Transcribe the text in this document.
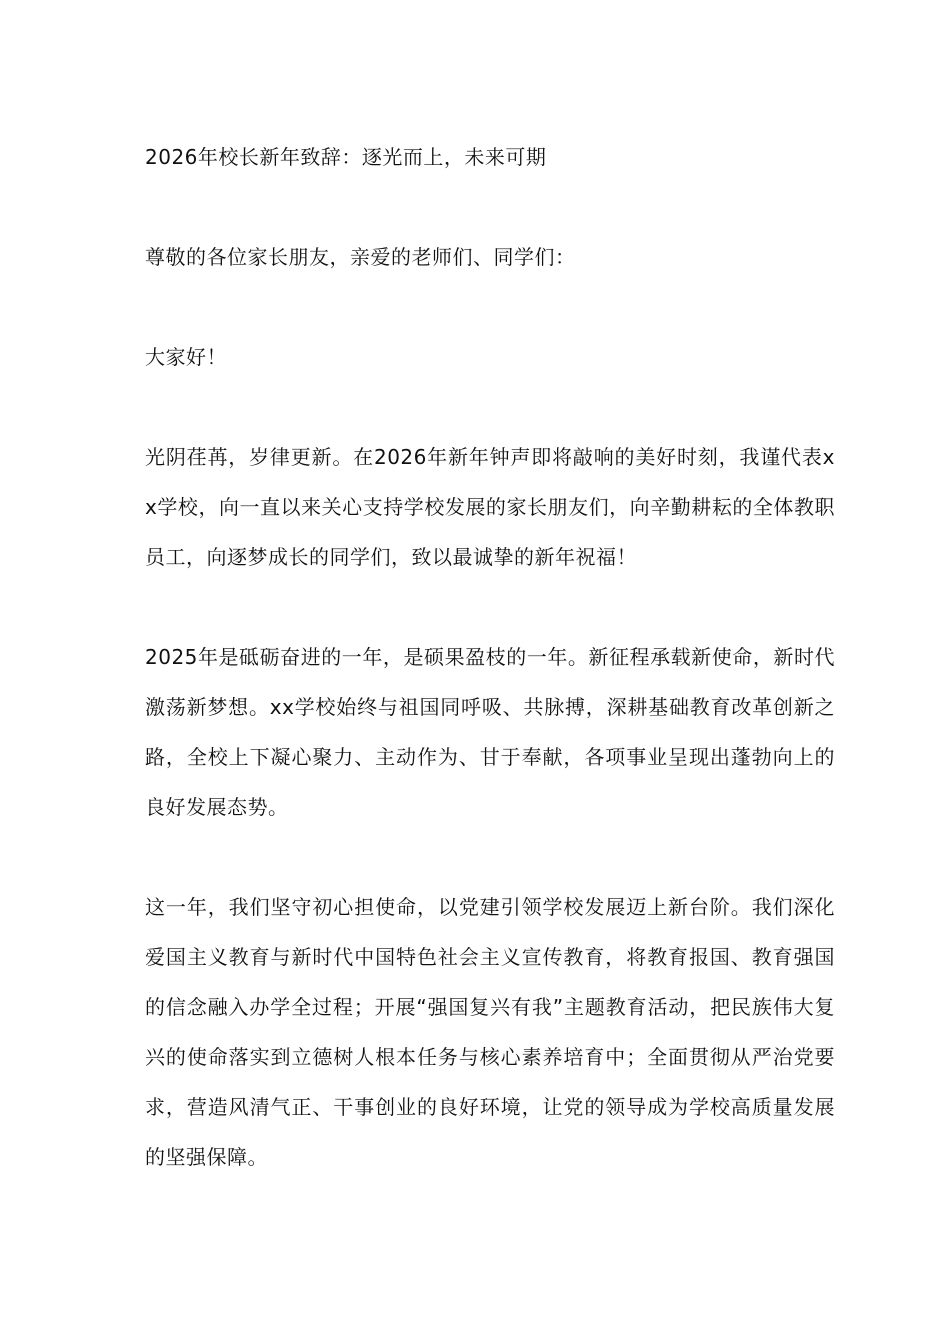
2026年校长新年致辞：逐光而上，未来可期

尊敬的各位家长朋友，亲爱的老师们、同学们：

大家好！

光阴荏苒，岁律更新。在2026年新年钟声即将敲响的美好时刻，我谨代表xx学校，向一直以来关心支持学校发展的家长朋友们，向辛勤耕耘的全体教职员工，向逐梦成长的同学们，致以最诚挚的新年祝福！

2025年是砥砺奋进的一年，是硕果盈枝的一年。新征程承载新使命，新时代激荡新梦想。xx学校始终与祖国同呼吸、共脉搏，深耕基础教育改革创新之路，全校上下凝心聚力、主动作为、甘于奉献，各项事业呈现出蓬勃向上的良好发展态势。

这一年，我们坚守初心担使命，以党建引领学校发展迈上新台阶。我们深化爱国主义教育与新时代中国特色社会主义宣传教育，将教育报国、教育强国的信念融入办学全过程；开展“强国复兴有我”主题教育活动，把民族伟大复兴的使命落实到立德树人根本任务与核心素养培育中；全面贯彻从严治党要求，营造风清气正、干事创业的良好环境，让党的领导成为学校高质量发展的坚强保障。
